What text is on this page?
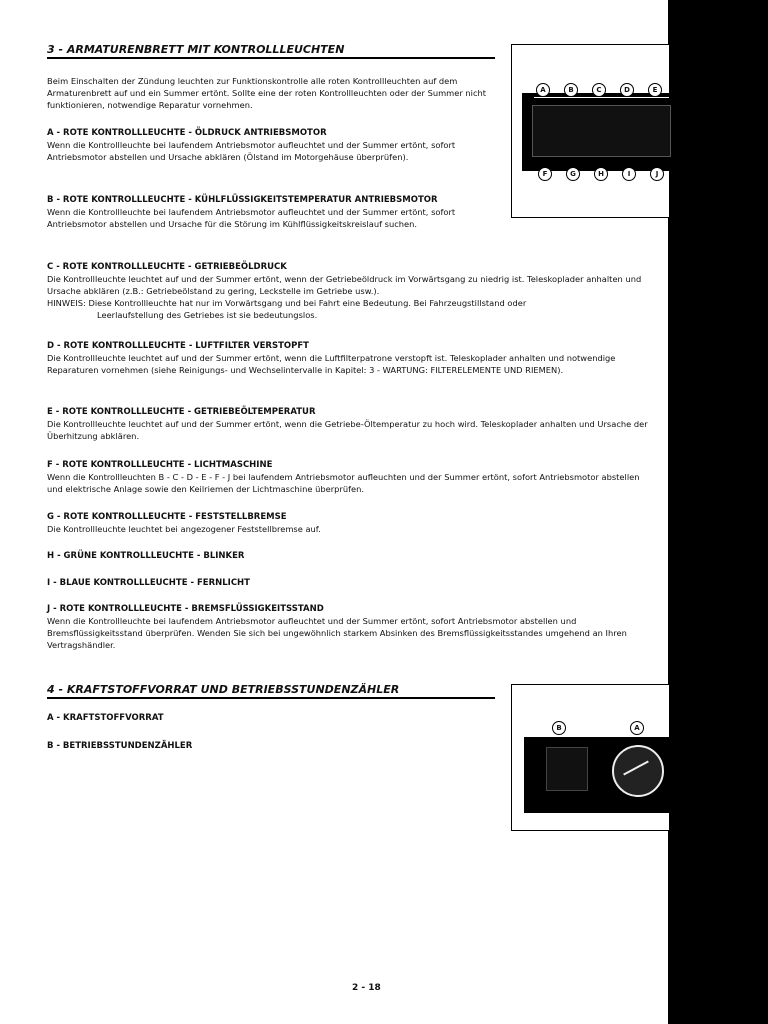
3 - ARMATURENBRETT MIT KONTROLLLEUCHTEN
Beim Einschalten der Zündung leuchten zur Funktionskontrolle alle roten Kontrollleuchten auf dem Armaturenbrett auf und ein Summer ertönt. Sollte eine der roten Kontrollleuchten oder der Summer nicht funktionieren, notwendige Reparatur vornehmen.
A - ROTE KONTROLLLEUCHTE - ÖLDRUCK ANTRIEBSMOTOR
Wenn die Kontrollleuchte bei laufendem Antriebsmotor aufleuchtet und der Summer ertönt, sofort Antriebsmotor abstellen und Ursache abklären (Ölstand im Motorgehäuse überprüfen).
B - ROTE KONTROLLLEUCHTE - KÜHLFLÜSSIGKEITSTEMPERATUR ANTRIEBSMOTOR
Wenn die Kontrollleuchte bei laufendem Antriebsmotor aufleuchtet und der Summer ertönt, sofort Antriebsmotor abstellen und Ursache für die Störung im Kühlflüssigkeitskreislauf suchen.
C - ROTE KONTROLLLEUCHTE - GETRIEBEÖLDRUCK
Die Kontrollleuchte leuchtet auf und der Summer ertönt, wenn der Getriebeöldruck im Vorwärtsgang zu niedrig ist. Teleskoplader anhalten und Ursache abklären (z.B.: Getriebeölstand zu gering, Leckstelle im Getriebe usw.).
HINWEIS: Diese Kontrollleuchte hat nur im Vorwärtsgang und bei Fahrt eine Bedeutung. Bei Fahrzeugstillstand oder
Leerlaufstellung des Getriebes ist sie bedeutungslos.
D - ROTE KONTROLLLEUCHTE - LUFTFILTER VERSTOPFT
Die Kontrollleuchte leuchtet auf und der Summer ertönt, wenn die Luftfilterpatrone verstopft ist. Teleskoplader anhalten und notwendige Reparaturen vornehmen (siehe Reinigungs- und Wechselintervalle in Kapitel: 3 - WARTUNG: FILTERELEMENTE UND RIEMEN).
E - ROTE KONTROLLLEUCHTE - GETRIEBEÖLTEMPERATUR
Die Kontrollleuchte leuchtet auf und der Summer ertönt, wenn die Getriebe-Öltemperatur zu hoch wird. Teleskoplader anhalten und Ursache der Überhitzung abklären.
F - ROTE KONTROLLLEUCHTE - LICHTMASCHINE
Wenn die Kontrollleuchten B - C - D - E - F - J bei laufendem Antriebsmotor aufleuchten und der Summer ertönt, sofort Antriebsmotor abstellen und elektrische Anlage sowie den Keilriemen der Lichtmaschine überprüfen.
G - ROTE KONTROLLLEUCHTE - FESTSTELLBREMSE
Die Kontrollleuchte leuchtet bei angezogener Feststellbremse auf.
H - GRÜNE KONTROLLLEUCHTE - BLINKER
I - BLAUE KONTROLLLEUCHTE - FERNLICHT
J - ROTE KONTROLLLEUCHTE - BREMSFLÜSSIGKEITSSTAND
Wenn die Kontrollleuchte bei laufendem Antriebsmotor aufleuchtet und der Summer ertönt, sofort Antriebsmotor abstellen und Bremsflüssigkeitsstand überprüfen. Wenden Sie sich bei ungewöhnlich starkem Absinken des Bremsflüssigkeitsstandes umgehend an Ihren Vertragshändler.
A	B	C	D	E
F	G	H	I	J
4 - KRAFTSTOFFVORRAT UND BETRIEBSSTUNDENZÄHLER
A - KRAFTSTOFFVORRAT
B - BETRIEBSSTUNDENZÄHLER
B	A
2 - 18
